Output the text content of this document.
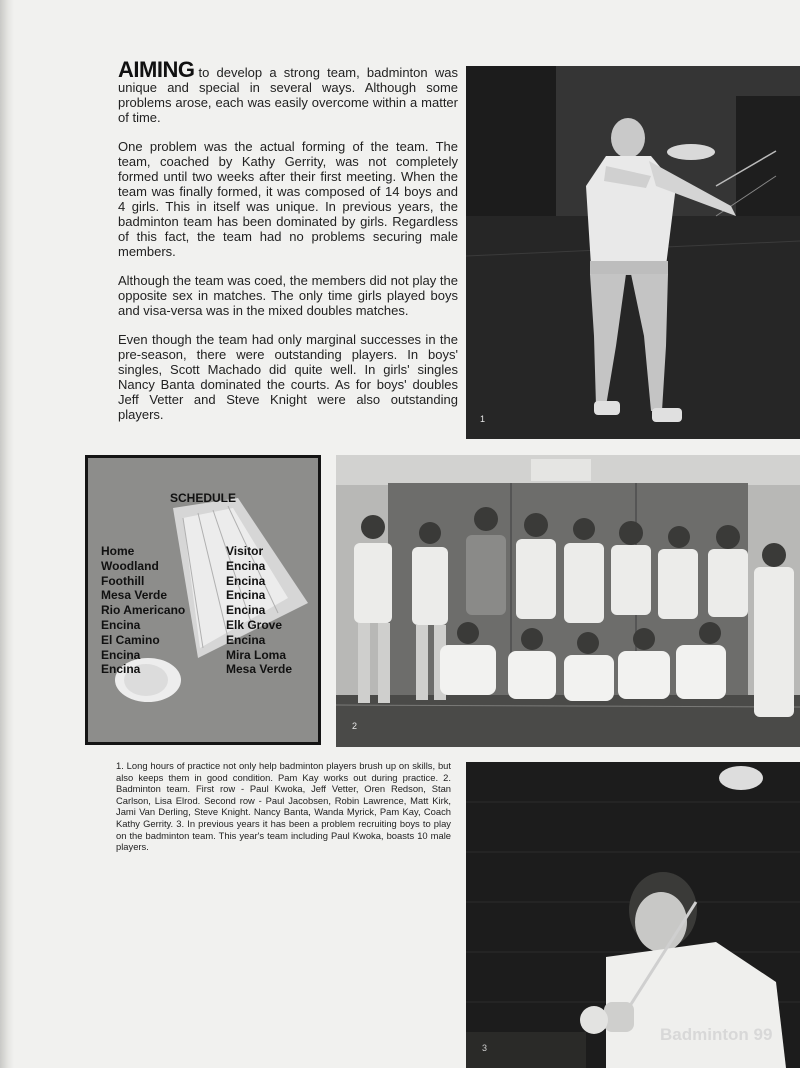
AIMING to develop a strong team, badminton was unique and special in several ways. Although some problems arose, each was easily overcome within a matter of time.

One problem was the actual forming of the team. The team, coached by Kathy Gerrity, was not completely formed until two weeks after their first meeting. When the team was finally formed, it was composed of 14 boys and 4 girls. This in itself was unique. In previous years, the badminton team has been dominated by girls. Regardless of this fact, the team had no problems securing male members.

Although the team was coed, the members did not play the opposite sex in matches. The only time girls played boys and visa-versa was in the mixed doubles matches.

Even though the team had only marginal successes in the pre-season, there were outstanding players. In boys' singles, Scott Machado did quite well. In girls' singles Nancy Banta dominated the courts. As for boys' doubles Jeff Vetter and Steve Knight were also outstanding players.	1
SCHEDULE
Home
Woodland
Foothill
Mesa Verde
Rio Americano
Encina
El Camino
Encina
Encina
Visitor
Encina
Encina
Encina
Encina
Elk Grove
Encina
Mira Loma
Mesa Verde
2
1. Long hours of practice not only help badminton players brush up on skills, but also keeps them in good condition. Pam Kay works out during practice. 2. Badminton team. First row - Paul Kwoka, Jeff Vetter, Oren Redson, Stan Carlson, Lisa Elrod. Second row - Paul Jacobsen, Robin Lawrence, Matt Kirk, Jami Van Derling, Steve Knight. Nancy Banta, Wanda Myrick, Pam Kay, Coach Kathy Gerrity. 3. In previous years it has been a problem recruiting boys to play on the badminton team. This year's team including Paul Kwoka, boasts 10 male players.
3
Badminton 99
